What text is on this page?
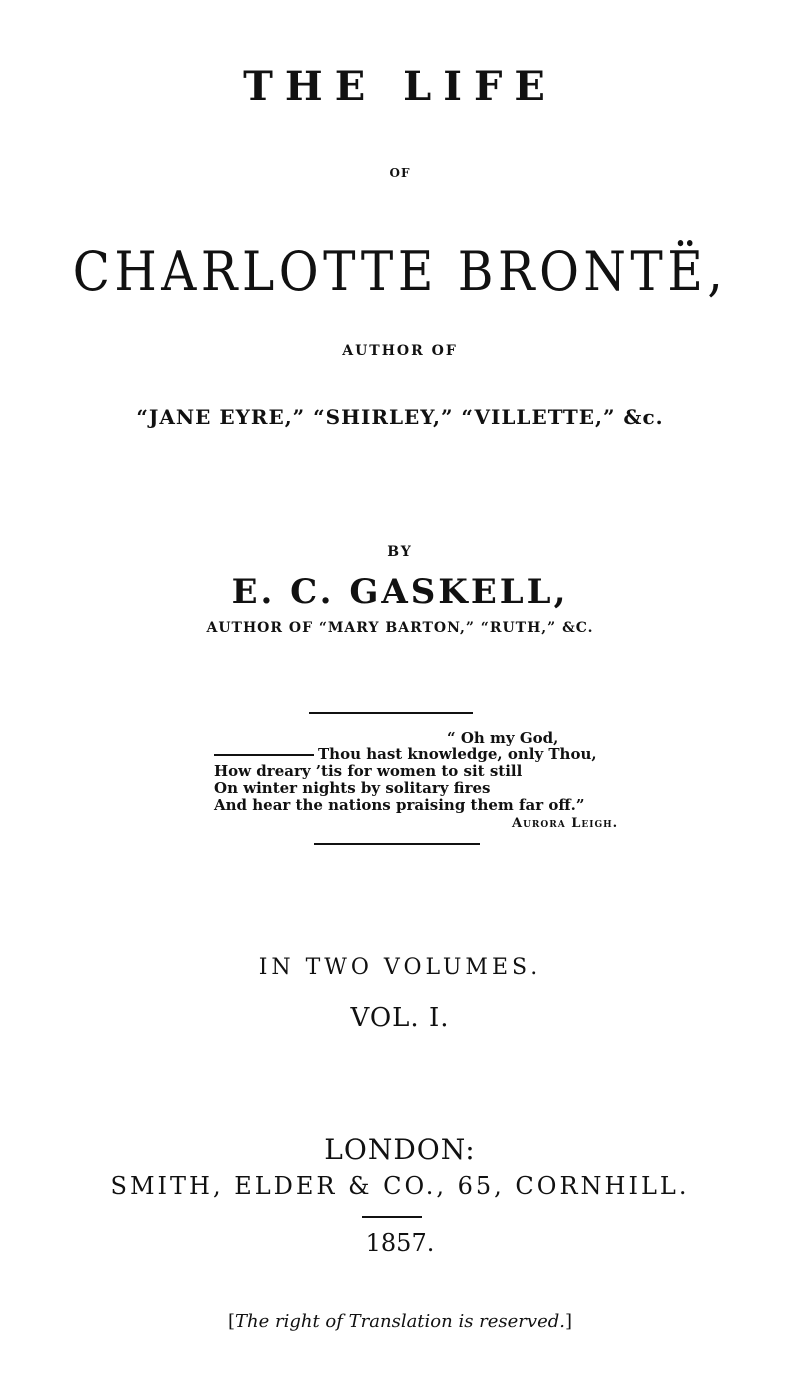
THE LIFE
OF
CHARLOTTE BRONTË,
AUTHOR OF
“JANE EYRE,” “SHIRLEY,” “VILLETTE,” &c.
BY
E. C. GASKELL,
AUTHOR OF “MARY BARTON,” “RUTH,” &C.
“ Oh my God,
Thou hast knowledge, only Thou,
How dreary ’tis for women to sit still
On winter nights by solitary fires
And hear the nations praising them far off.”
Aurora Leigh.
IN TWO VOLUMES.
VOL. I.
LONDON:
SMITH, ELDER & CO., 65, CORNHILL.
1857.
[The right of Translation is reserved.]
